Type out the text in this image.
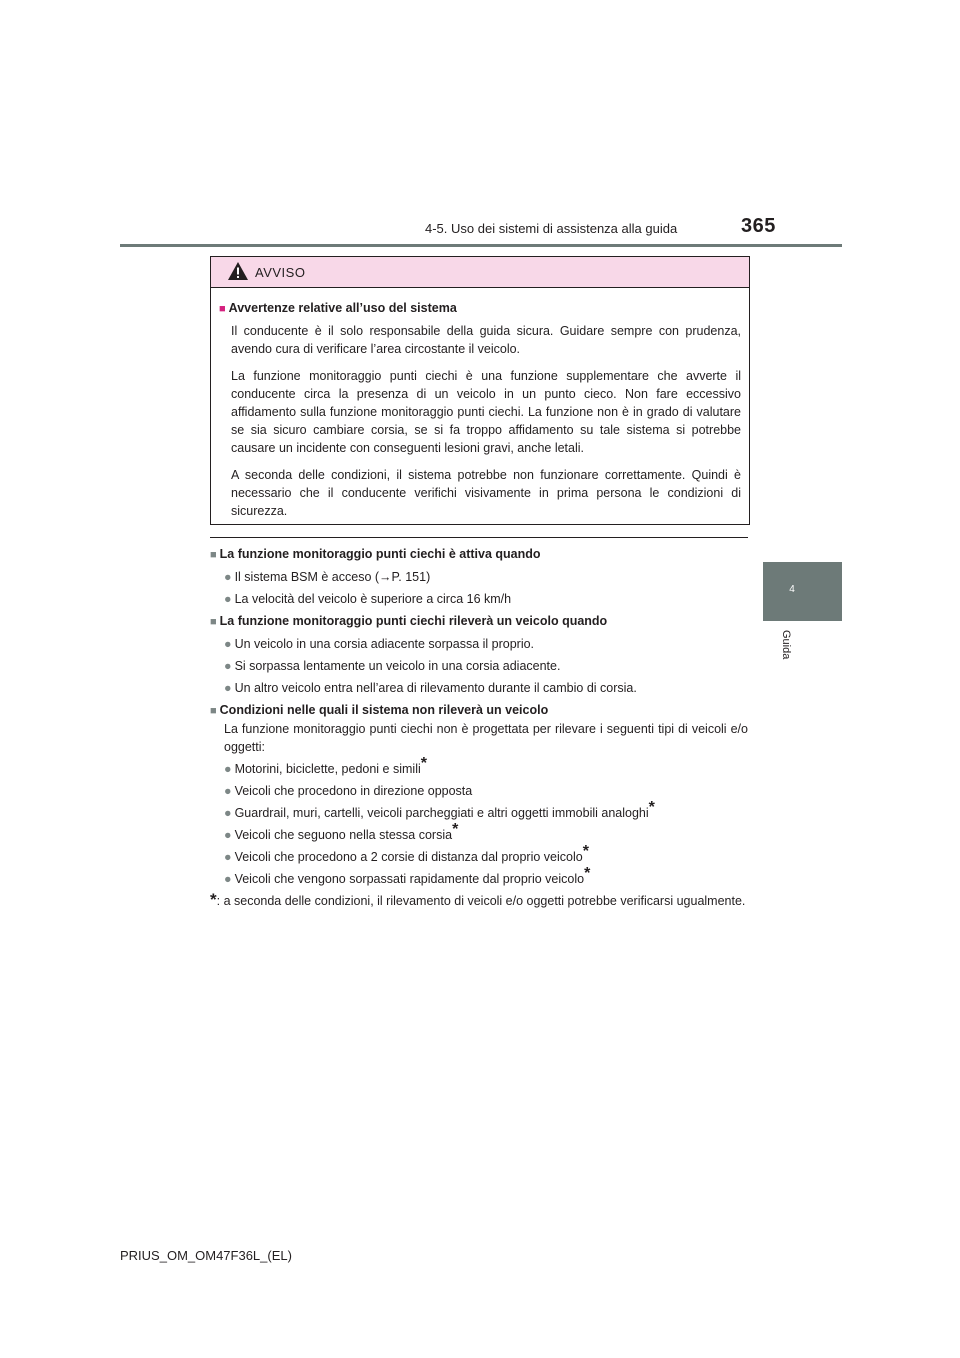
4-5. Uso dei sistemi di assistenza alla guida	365
4
Guida
AVVISO

■ Avvertenze relative all’uso del sistema

Il conducente è il solo responsabile della guida sicura. Guidare sempre con prudenza, avendo cura di verificare l’area circostante il veicolo.

La funzione monitoraggio punti ciechi è una funzione supplementare che avverte il conducente circa la presenza di un veicolo in un punto cieco. Non fare eccessivo affidamento sulla funzione monitoraggio punti ciechi. La funzione non è in grado di valutare se sia sicuro cambiare corsia, se si fa troppo affidamento su tale sistema si potrebbe causare un incidente con conseguenti lesioni gravi, anche letali.

A seconda delle condizioni, il sistema potrebbe non funzionare correttamente. Quindi è necessario che il conducente verifichi visivamente in prima persona le condizioni di sicurezza.

■ La funzione monitoraggio punti ciechi è attiva quando

● Il sistema BSM è acceso (→P. 151)

● La velocità del veicolo è superiore a circa 16 km/h

■ La funzione monitoraggio punti ciechi rileverà un veicolo quando

● Un veicolo in una corsia adiacente sorpassa il proprio.

● Si sorpassa lentamente un veicolo in una corsia adiacente.

● Un altro veicolo entra nell’area di rilevamento durante il cambio di corsia.

■ Condizioni nelle quali il sistema non rileverà un veicolo

La funzione monitoraggio punti ciechi non è progettata per rilevare i seguenti tipi di veicoli e/o oggetti:

● Motorini, biciclette, pedoni e simili*

● Veicoli che procedono in direzione opposta

● Guardrail, muri, cartelli, veicoli parcheggiati e altri oggetti immobili analoghi*

● Veicoli che seguono nella stessa corsia*

● Veicoli che procedono a 2 corsie di distanza dal proprio veicolo*

● Veicoli che vengono sorpassati rapidamente dal proprio veicolo*

*: a seconda delle condizioni, il rilevamento di veicoli e/o oggetti potrebbe verificarsi ugualmente.

PRIUS_OM_OM47F36L_(EL)
